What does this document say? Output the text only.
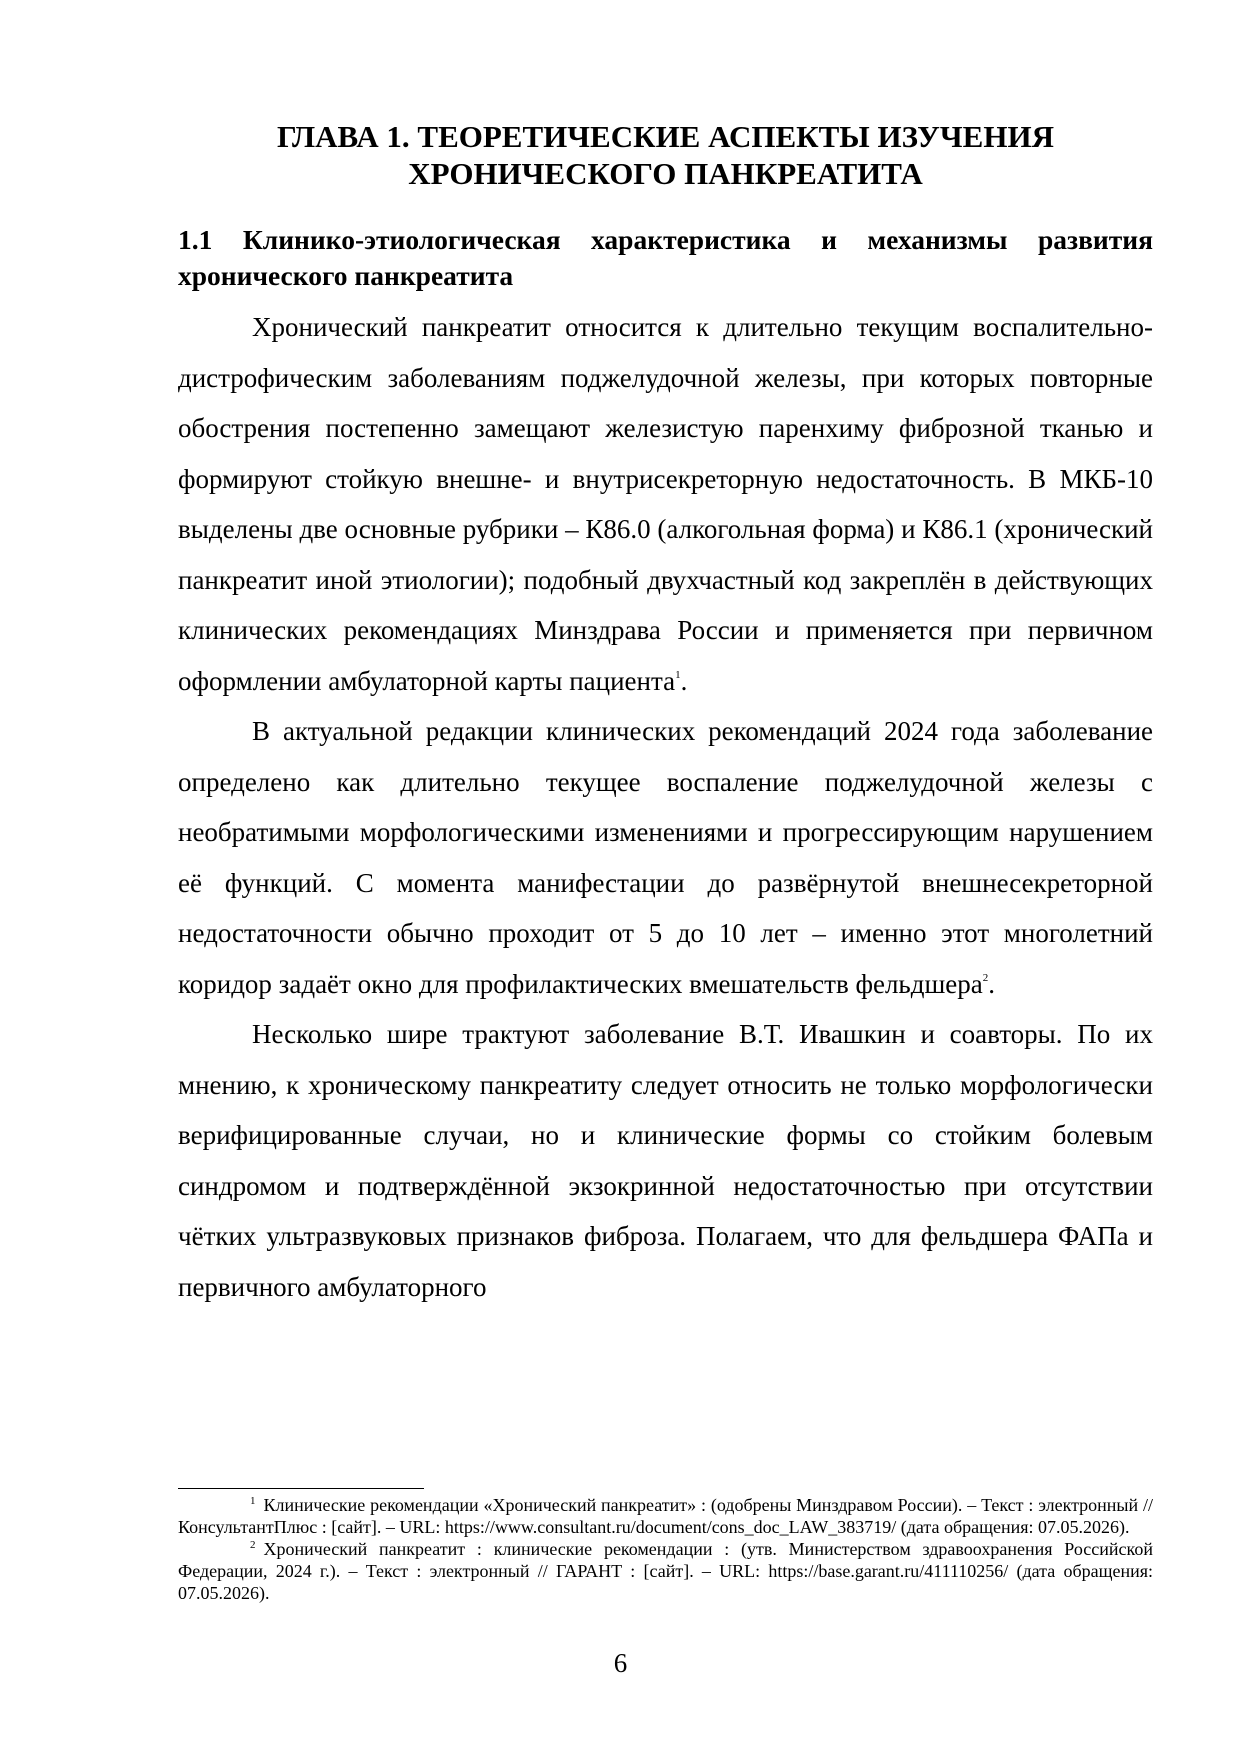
ГЛАВА 1. ТЕОРЕТИЧЕСКИЕ АСПЕКТЫ ИЗУЧЕНИЯ ХРОНИЧЕСКОГО ПАНКРЕАТИТА
1.1 Клинико-этиологическая характеристика и механизмы развития хронического панкреатита

Хронический панкреатит относится к длительно текущим воспалительно-дистрофическим заболеваниям поджелудочной железы, при которых повторные обострения постепенно замещают железистую паренхиму фиброзной тканью и формируют стойкую внешне- и внутрисекреторную недостаточность. В МКБ-10 выделены две основные рубрики – К86.0 (алкогольная форма) и К86.1 (хронический панкреатит иной этиологии); подобный двухчастный код закреплён в действующих клинических рекомендациях Минздрава России и применяется при первичном оформлении амбулаторной карты пациента$^1$.

В актуальной редакции клинических рекомендаций 2024 года заболевание определено как длительно текущее воспаление поджелудочной железы с необратимыми морфологическими изменениями и прогрессирующим нарушением её функций. С момента манифестации до развёрнутой внешнесекреторной недостаточности обычно проходит от 5 до 10 лет – именно этот многолетний коридор задаёт окно для профилактических вмешательств фельдшера$^2$.

Несколько шире трактуют заболевание В.Т. Ивашкин и соавторы. По их мнению, к хроническому панкреатиту следует относить не только морфологически верифицированные случаи, но и клинические формы со стойким болевым синдромом и подтверждённой экзокринной недостаточностью при отсутствии чётких ультразвуковых признаков фиброза. Полагаем, что для фельдшера ФАПа и первичного амбулаторного

$^1$ Клинические рекомендации «Хронический панкреатит» : (одобрены Минздравом России). – Текст : электронный // КонсультантПлюс : [сайт]. – URL: https://www.consultant.ru/document/cons_doc_LAW_383719/ (дата обращения: 07.05.2026).

$^2$ Хронический панкреатит : клинические рекомендации : (утв. Министерством здравоохранения Российской Федерации, 2024 г.). – Текст : электронный // ГАРАНТ : [сайт]. – URL: https://base.garant.ru/411110256/ (дата обращения: 07.05.2026).

6
